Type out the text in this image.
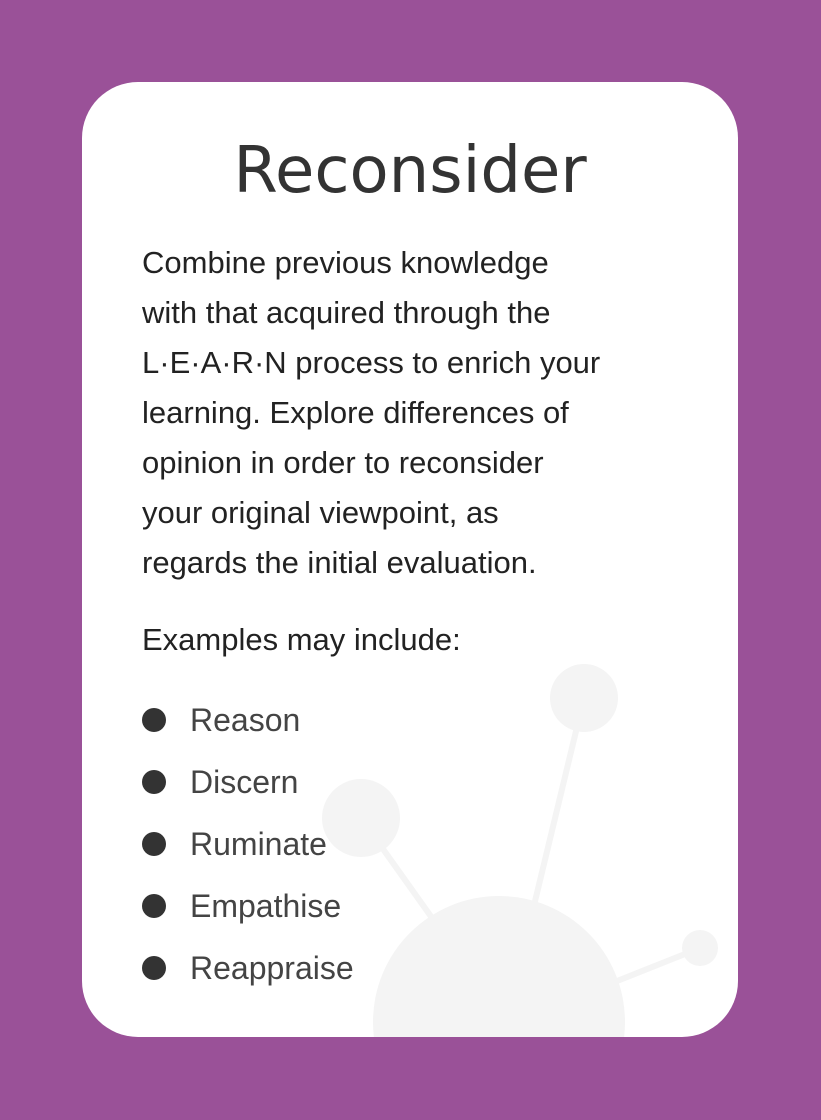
Reconsider

Combine previous knowledge
with that acquired through the
L·E·A·R·N process to enrich your
learning. Explore differences of
opinion in order to reconsider
your original viewpoint, as
regards the initial evaluation.

Examples may include:

Reason
Discern
Ruminate
Empathise
Reappraise
